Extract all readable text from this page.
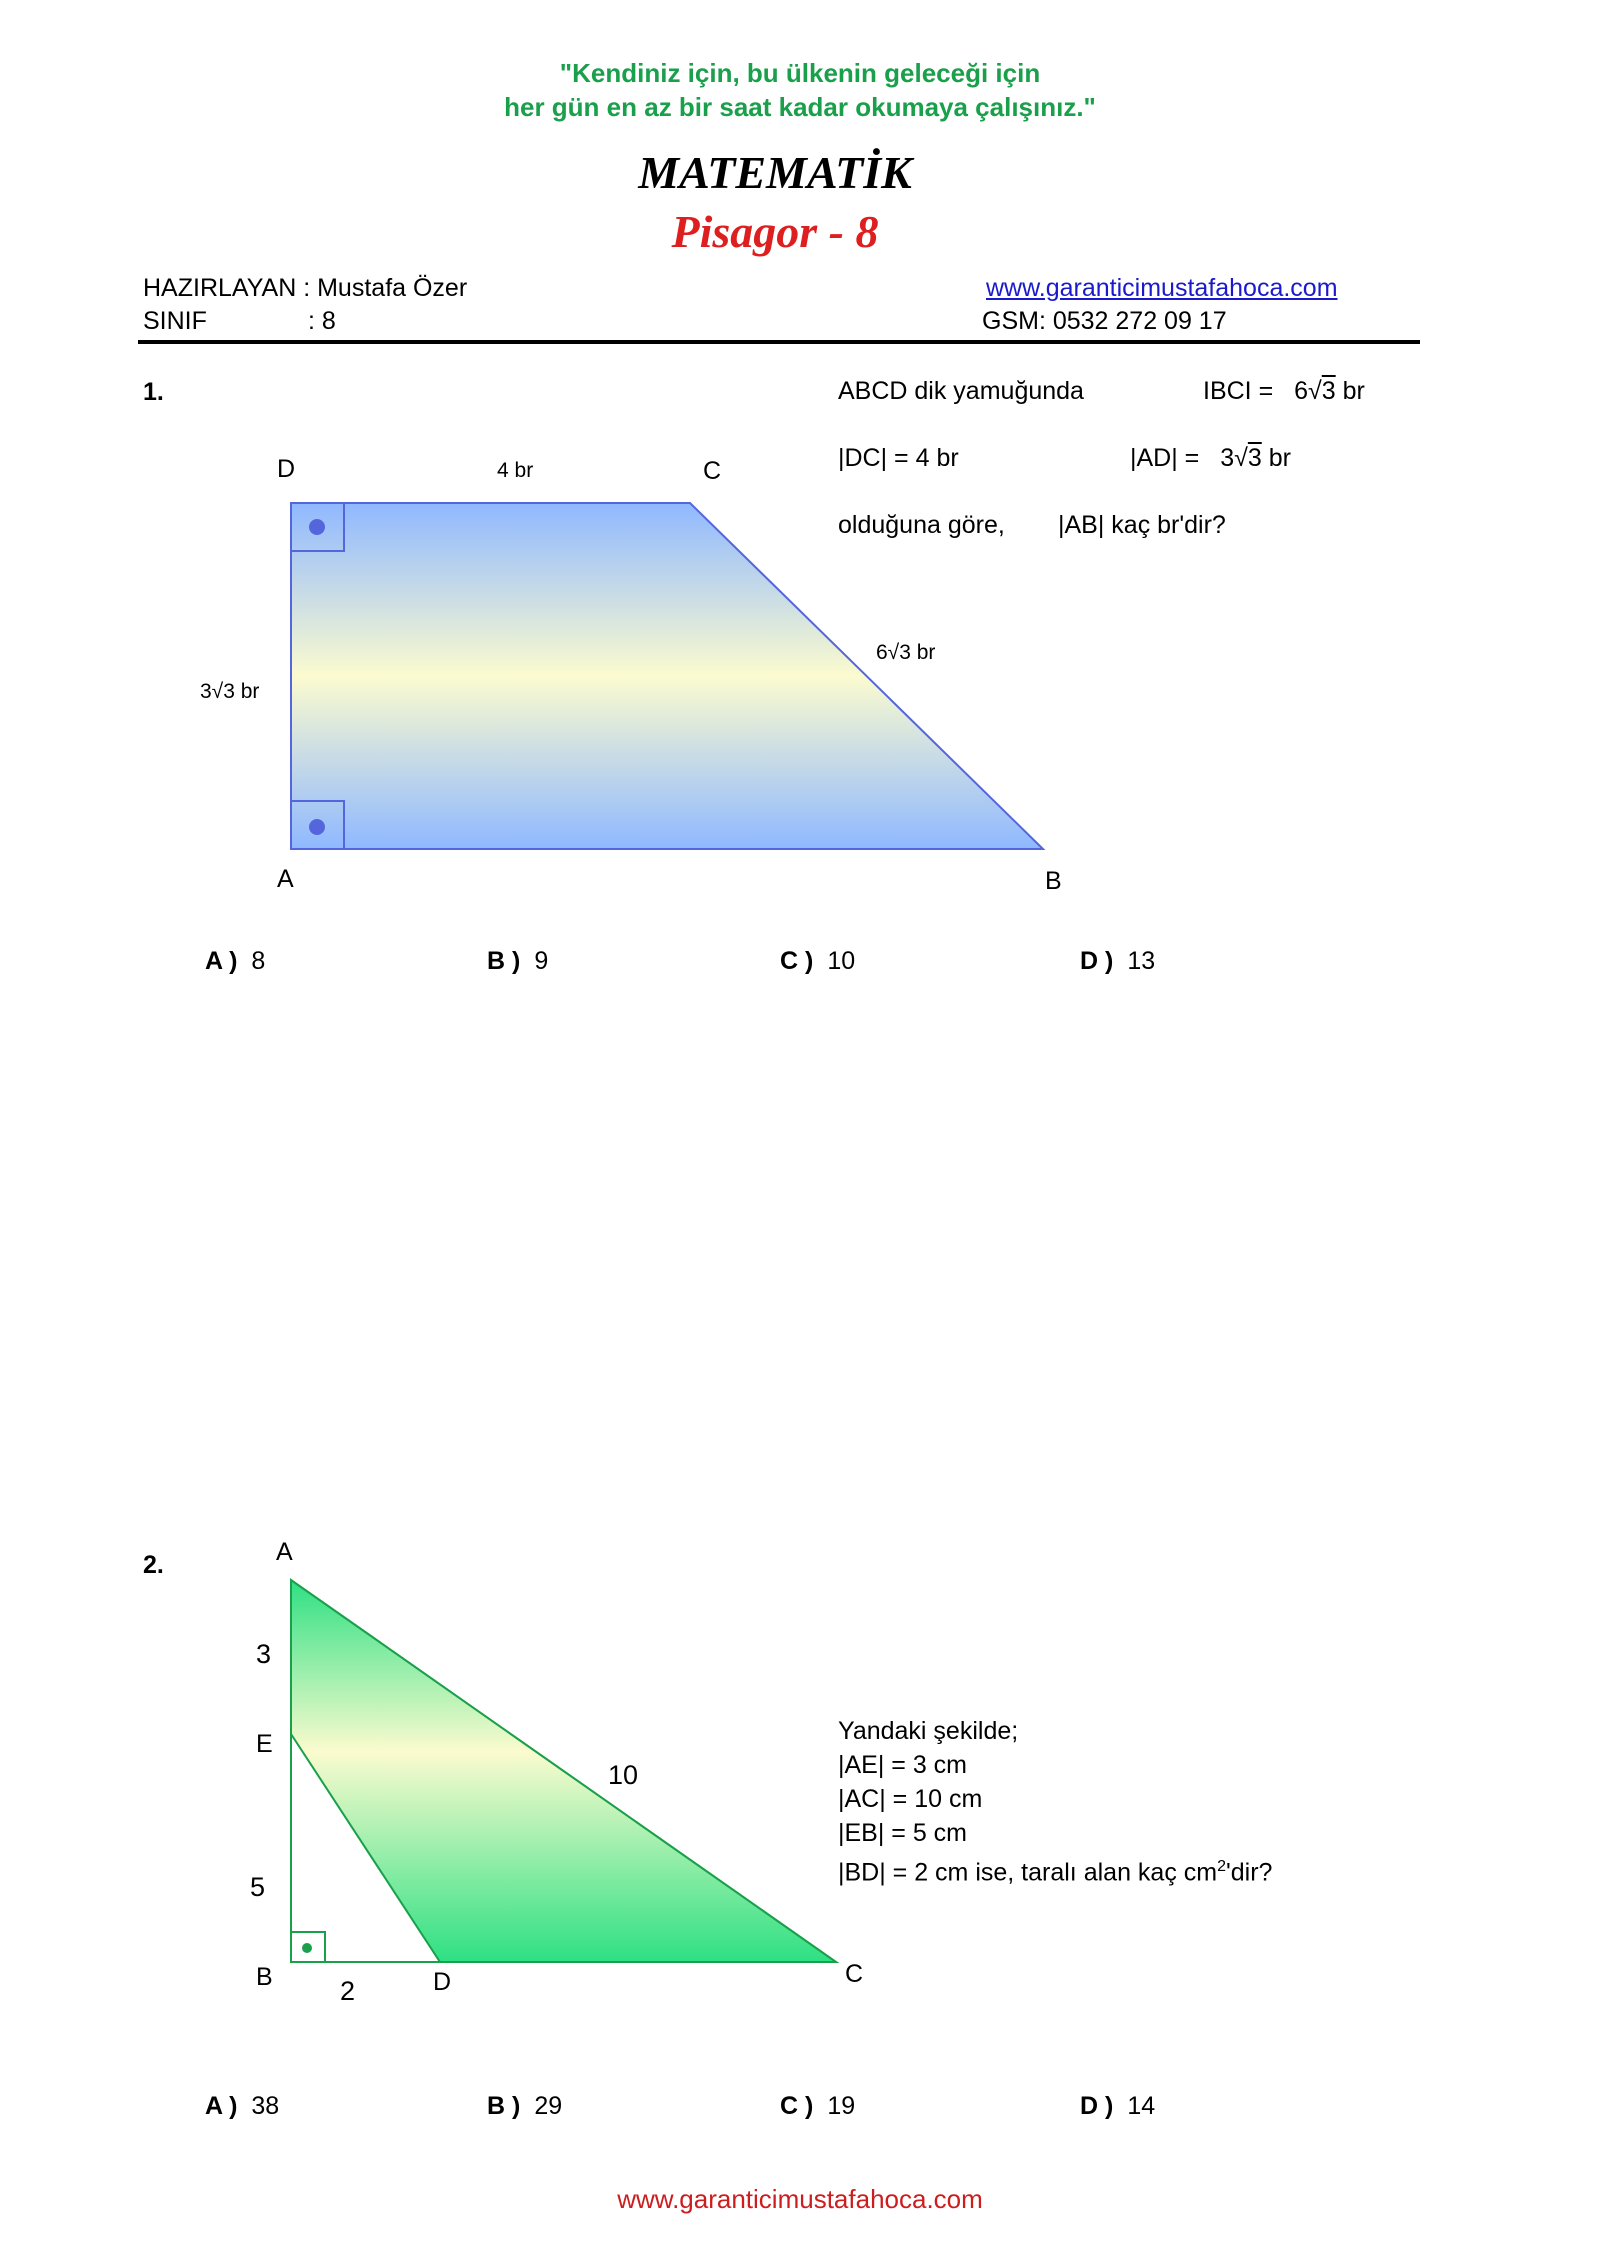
"Kendiniz için, bu ülkenin geleceği için
her gün en az bir saat kadar okumaya çalışınız."
MATEMATİK
Pisagor - 8
HAZIRLAYAN : Mustafa Özer
SINIF	: 8
www.garanticimustafahoca.com
GSM: 0532 272 09 17
1.
D	C
A	B
4 br
3√3 br
6√3 br
ABCD dik yamuğunda	IBCI = 6√3 br
|DC| = 4 br	|AD| = 3√3 br
olduğuna göre, |AB| kaç br'dir?
A ) 8	B ) 9	C ) 10	D ) 13
2.	A
E
B	D	C
3
5
2
10
Yandaki şekilde;
|AE| = 3 cm
|AC| = 10 cm
|EB| = 5 cm
|BD| = 2 cm ise, taralı alan kaç $cm^2'dir$?
A ) 38	B ) 29	C ) 19	D ) 14
www.garanticimustafahoca.com
